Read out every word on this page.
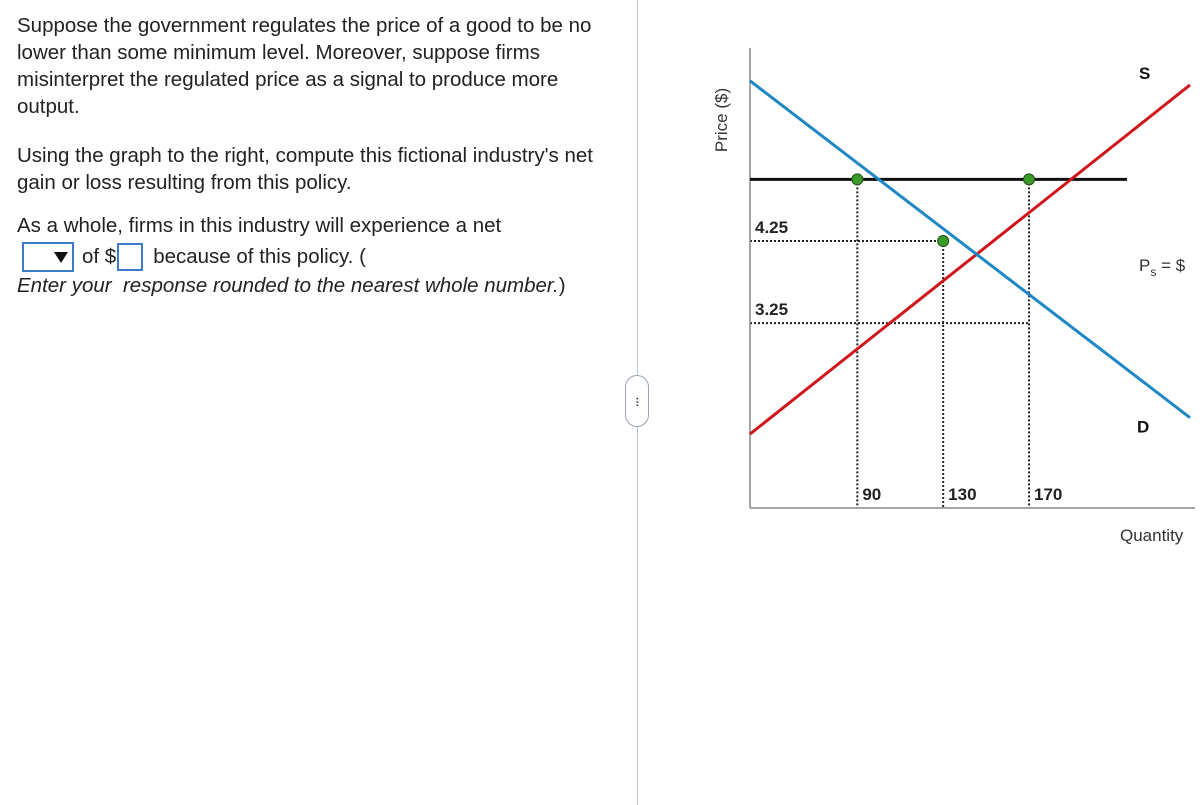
Suppose the government regulates the price of a good to be no lower than some minimum level. Moreover, suppose firms misinterpret the regulated price as a signal to produce more output.

Using the graph to the right, compute this fictional industry's net gain or loss resulting from this policy.

As a whole, firms in this industry will experience a net
of $ because of this policy. (
Enter your  response rounded to the nearest whole number.)
···
Price ($)
Quantity
4.25
3.25
90	130	170
S
D
$P_s$ = $
